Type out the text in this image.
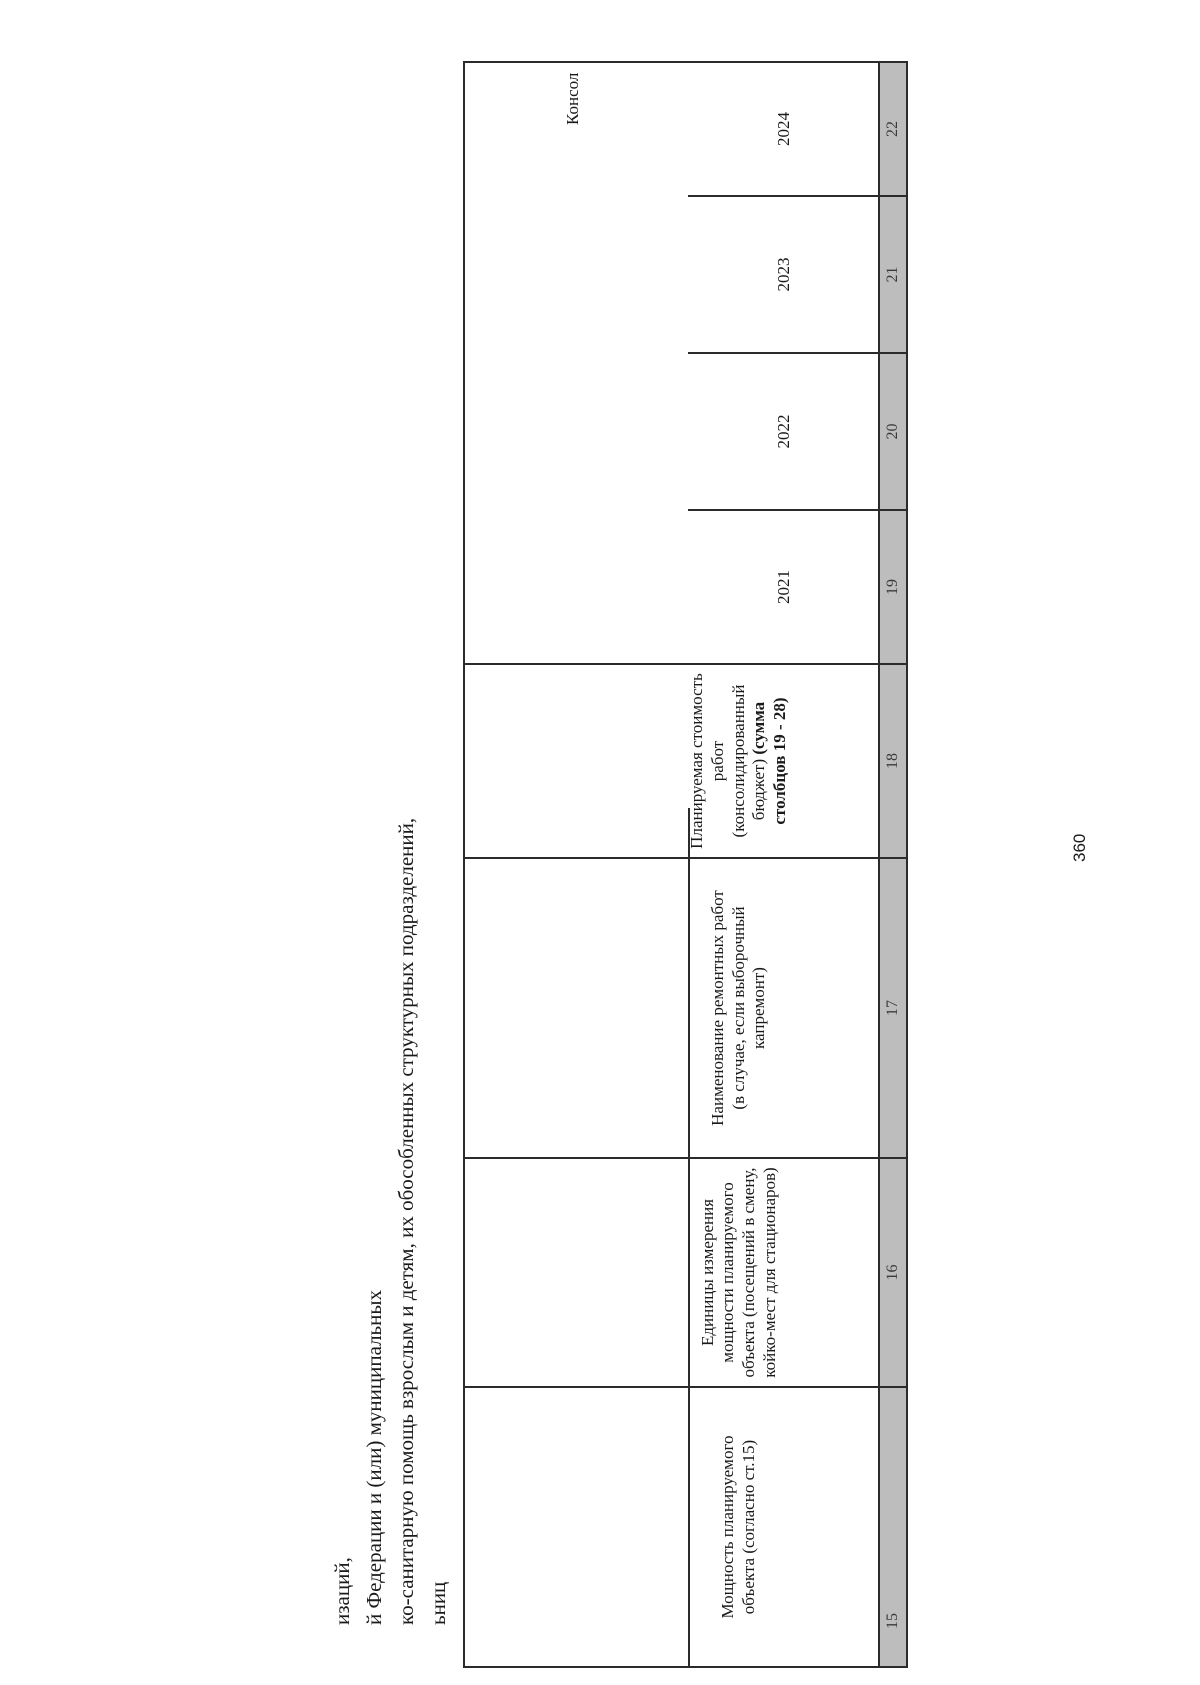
изаций, й Федерации и (или) муниципальных ко-санитарную помощь взрослым и детям, их обособленных структурных подразделений, ьниц	Мощность планируемого объекта (согласно ст.15)
Единицы измерения мощности планируемого объекта (посещений в смену, койко-мест для стационаров)
Наименование ремонтных работ (в случае, если выборочный капремонт)
Планируемая стоимость работ (консолидированный бюджет) (сумма столбцов 19 - 28)
Консол
2021
2022
2023
2024
15
16
17
18
19
20
21
22
360
